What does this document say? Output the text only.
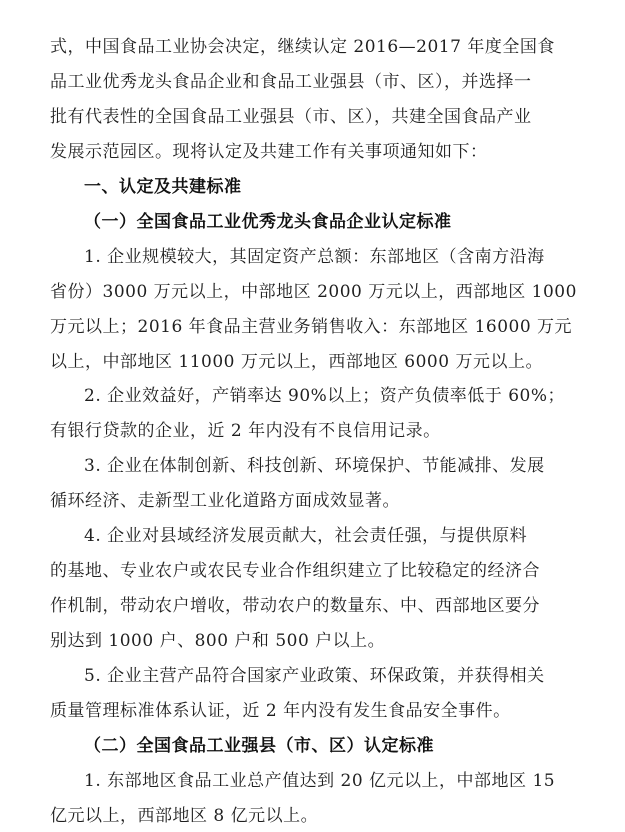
式，中国食品工业协会决定，继续认定 2016—2017 年度全国食
品工业优秀龙头食品企业和食品工业强县（市、区），并选择一
批有代表性的全国食品工业强县（市、区），共建全国食品产业
发展示范园区。现将认定及共建工作有关事项通知如下：
一、认定及共建标准
（一）全国食品工业优秀龙头食品企业认定标准
1. 企业规模较大，其固定资产总额：东部地区（含南方沿海
省份）3000 万元以上，中部地区 2000 万元以上，西部地区 1000
万元以上；2016 年食品主营业务销售收入：东部地区 16000 万元
以上，中部地区 11000 万元以上，西部地区 6000 万元以上。
2. 企业效益好，产销率达 90%以上；资产负债率低于 60%；
有银行贷款的企业，近 2 年内没有不良信用记录。
3. 企业在体制创新、科技创新、环境保护、节能减排、发展
循环经济、走新型工业化道路方面成效显著。
4. 企业对县域经济发展贡献大，社会责任强，与提供原料
的基地、专业农户或农民专业合作组织建立了比较稳定的经济合
作机制，带动农户增收，带动农户的数量东、中、西部地区要分
别达到 1000 户、800 户和 500 户以上。
5. 企业主营产品符合国家产业政策、环保政策，并获得相关
质量管理标准体系认证，近 2 年内没有发生食品安全事件。
（二）全国食品工业强县（市、区）认定标准
1. 东部地区食品工业总产值达到 20 亿元以上，中部地区 15
亿元以上，西部地区 8 亿元以上。
